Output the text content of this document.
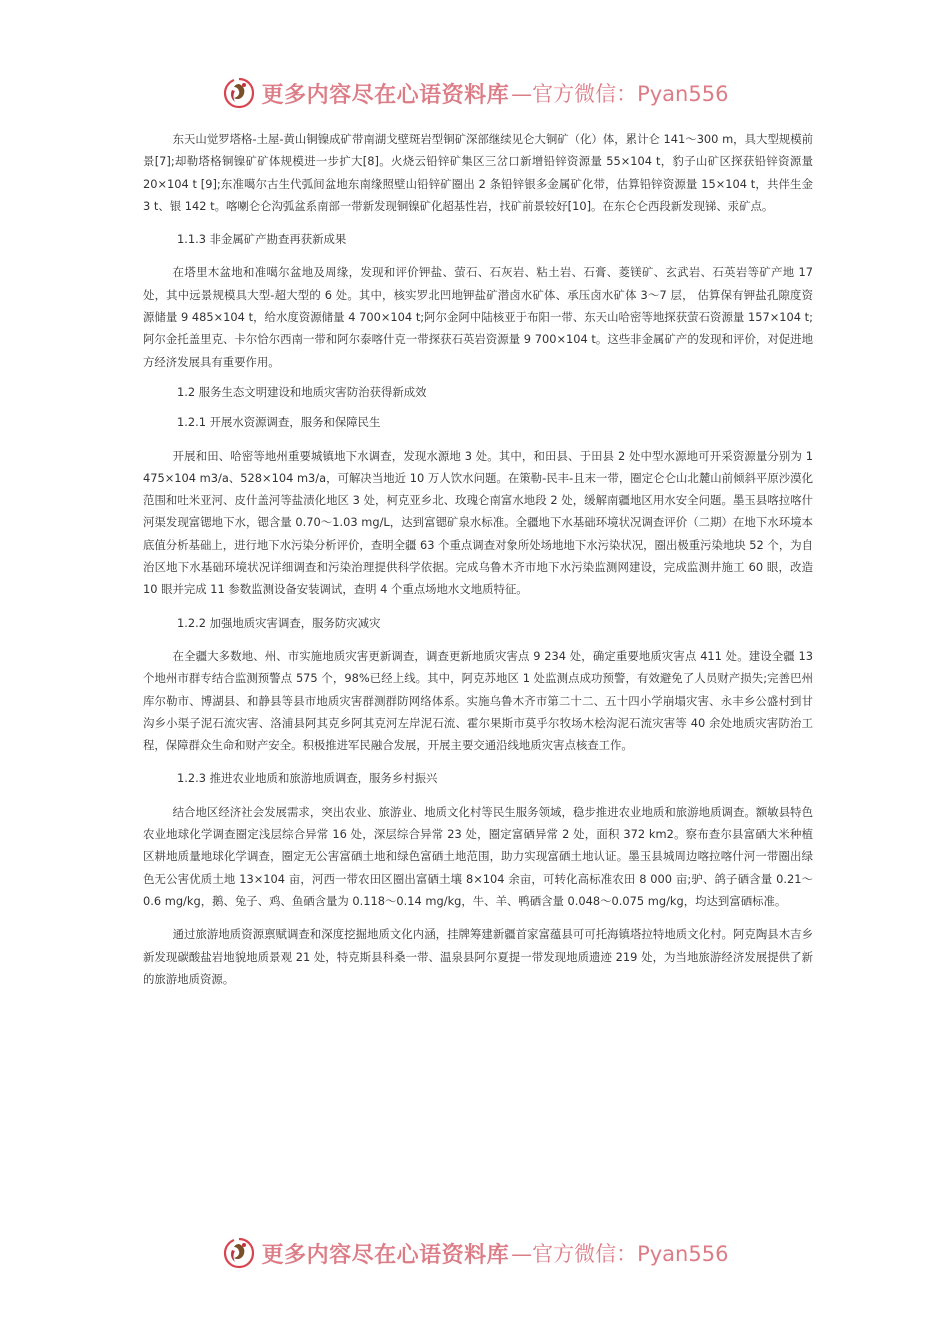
更多内容尽在心语资料库 —官方微信：Pyan556

东天山觉罗塔格-土屋-黄山铜镍成矿带南湖戈壁斑岩型铜矿深部继续见仑大铜矿（化）体，累计仑 141～300 m，具大型规模前景[7];却勒塔格铜镍矿矿体规模进一步扩大[8]。火烧云铅锌矿集区三岔口新增铅锌资源量 55×104 t，豹子山矿区探获铅锌资源量 20×104 t [9];东准噶尔古生代弧间盆地东南缘照壁山铅锌矿圈出 2 条铅锌银多金属矿化带，估算铅锌资源量 15×104 t，共伴生金 3 t、银 142 t。喀喇仑仑沟弧盆系南部一带新发现铜镍矿化超基性岩，找矿前景较好[10]。在东仑仑西段新发现锑、汞矿点。

1.1.3 非金属矿产勘查再获新成果

在塔里木盆地和准噶尔盆地及周缘，发现和评价钾盐、萤石、石灰岩、粘土岩、石膏、菱镁矿、玄武岩、石英岩等矿产地 17 处，其中远景规模具大型-超大型的 6 处。其中，核实罗北凹地钾盐矿潜卤水矿体、承压卤水矿体 3～7 层， 估算保有钾盐孔隙度资源储量 9 485×104 t，给水度资源储量 4 700×104 t;阿尔金阿中陆核亚于布阳一带、东天山哈密等地探获萤石资源量 157×104 t;阿尔金托盖里克、卡尔恰尔西南一带和阿尔泰喀什克一带探获石英岩资源量 9 700×104 t。这些非金属矿产的发现和评价，对促进地方经济发展具有重要作用。

1.2 服务生态文明建设和地质灾害防治获得新成效

1.2.1 开展水资源调查，服务和保障民生

开展和田、哈密等地州重要城镇地下水调查，发现水源地 3 处。其中，和田县、于田县 2 处中型水源地可开采资源量分别为 1 475×104 m3/a、528×104 m3/a，可解决当地近 10 万人饮水问题。在策勒-民丰-且末一带，圈定仑仑山北麓山前倾斜平原沙漠化范围和吐米亚河、皮什盖河等盐渍化地区 3 处，柯克亚乡北、玫瑰仑南富水地段 2 处，缓解南疆地区用水安全问题。墨玉县喀拉喀什河渠发现富锶地下水，锶含量 0.70～1.03 mg/L，达到富锶矿泉水标准。全疆地下水基础环境状况调查评价（二期）在地下水环境本底值分析基础上，进行地下水污染分析评价，查明全疆 63 个重点调查对象所处场地地下水污染状况，圈出极重污染地块 52 个，为自治区地下水基础环境状况详细调查和污染治理提供科学依据。完成乌鲁木齐市地下水污染监测网建设，完成监测井施工 60 眼，改造 10 眼并完成 11 参数监测设备安装调试，查明 4 个重点场地水文地质特征。

1.2.2 加强地质灾害调查，服务防灾减灾

在全疆大多数地、州、市实施地质灾害更新调查，调查更新地质灾害点 9 234 处，确定重要地质灾害点 411 处。建设全疆 13 个地州市群专结合监测预警点 575 个，98%已经上线。其中，阿克苏地区 1 处监测点成功预警，有效避免了人员财产损失;完善巴州库尔勒市、博湖县、和静县等县市地质灾害群测群防网络体系。实施乌鲁木齐市第二十二、五十四小学崩塌灾害、永丰乡公盛村到甘沟乡小渠子泥石流灾害、洛浦县阿其克乡阿其克河左岸泥石流、霍尔果斯市莫乎尔牧场木桧沟泥石流灾害等 40 余处地质灾害防治工程，保障群众生命和财产安全。积极推进军民融合发展，开展主要交通沿线地质灾害点核查工作。

1.2.3 推进农业地质和旅游地质调查，服务乡村振兴

结合地区经济社会发展需求，突出农业、旅游业、地质文化村等民生服务领域，稳步推进农业地质和旅游地质调查。额敏县特色农业地球化学调查圈定浅层综合异常 16 处，深层综合异常 23 处，圈定富硒异常 2 处，面积 372 km2。察布查尔县富硒大米种植区耕地质量地球化学调查，圈定无公害富硒土地和绿色富硒土地范围，助力实现富硒土地认证。墨玉县城周边喀拉喀什河一带圈出绿色无公害优质土地 13×104 亩，河西一带农田区圈出富硒土壤 8×104 余亩，可转化高标准农田 8 000 亩;驴、鸽子硒含量 0.21～0.6 mg/kg，鹅、兔子、鸡、鱼硒含量为 0.118～0.14 mg/kg，牛、羊、鸭硒含量 0.048～0.075 mg/kg，均达到富硒标准。

通过旅游地质资源禀赋调查和深度挖掘地质文化内涵，挂牌筹建新疆首家富蕴县可可托海镇塔拉特地质文化村。阿克陶县木吉乡新发现碳酸盐岩地貌地质景观 21 处，特克斯县科桑一带、温泉县阿尔夏提一带发现地质遗迹 219 处，为当地旅游经济发展提供了新的旅游地质资源。

更多内容尽在心语资料库 —官方微信：Pyan556
